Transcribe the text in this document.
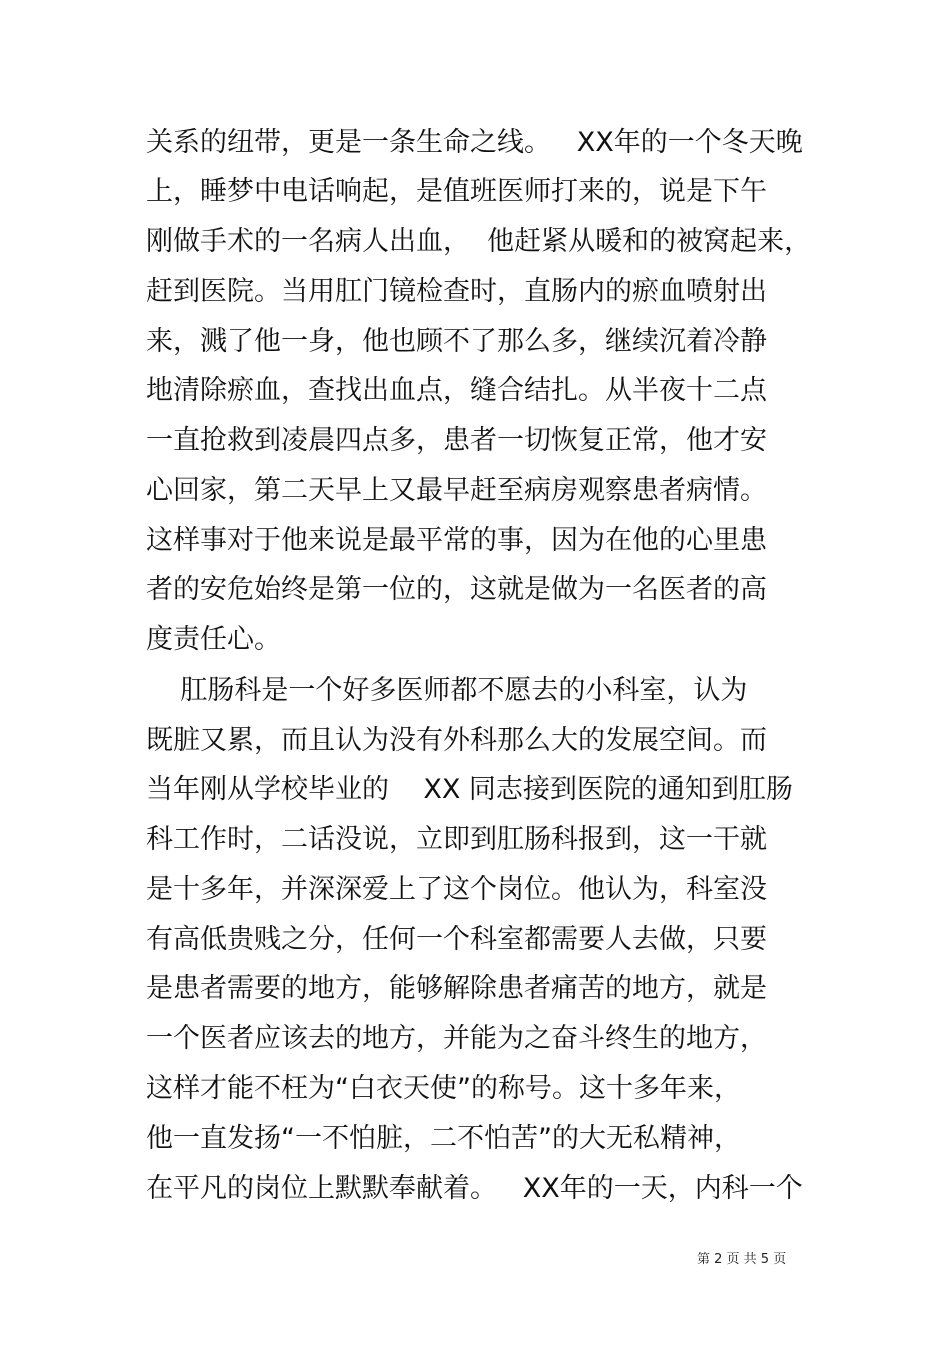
关系的纽带，更是一条生命之线。   XX年的一个冬天晚
上，睡梦中电话响起，是值班医师打来的，说是下午
刚做手术的一名病人出血，  他赶紧从暖和的被窝起来，
赶到医院。当用肛门镜检查时，直肠内的瘀血喷射出
来，溅了他一身，他也顾不了那么多，继续沉着冷静
地清除瘀血，查找出血点，缝合结扎。从半夜十二点
一直抢救到凌晨四点多，患者一切恢复正常，他才安
心回家，第二天早上又最早赶至病房观察患者病情。
这样事对于他来说是最平常的事，因为在他的心里患
者的安危始终是第一位的，这就是做为一名医者的高
度责任心。
肛肠科是一个好多医师都不愿去的小科室，认为
既脏又累，而且认为没有外科那么大的发展空间。而
当年刚从学校毕业的    XX 同志接到医院的通知到肛肠
科工作时，二话没说，立即到肛肠科报到，这一干就
是十多年，并深深爱上了这个岗位。他认为，科室没
有高低贵贱之分，任何一个科室都需要人去做，只要
是患者需要的地方，能够解除患者痛苦的地方，就是
一个医者应该去的地方，并能为之奋斗终生的地方，
这样才能不枉为“白衣天使”的称号。这十多年来，
他一直发扬“一不怕脏，二不怕苦”的大无私精神，
在平凡的岗位上默默奉献着。   XX年的一天，内科一个
第 2 页 共 5 页
